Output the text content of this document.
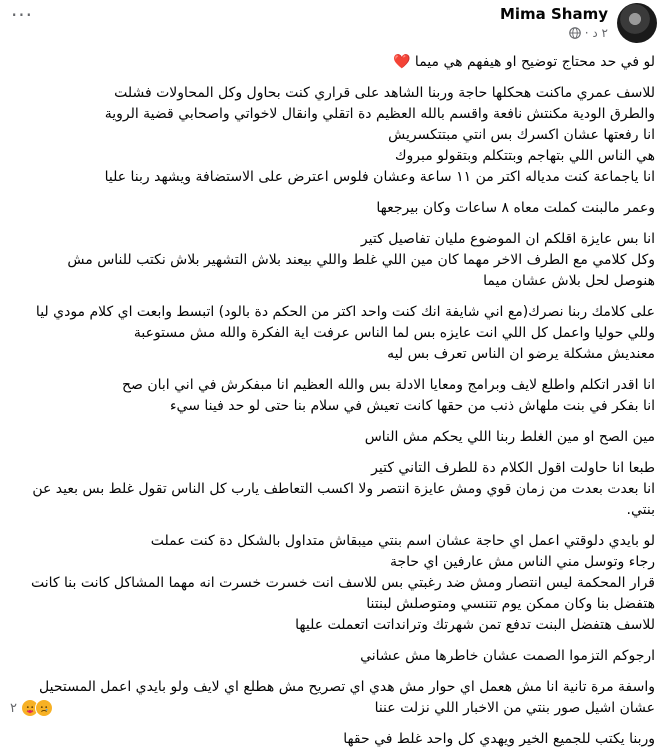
Mima Shamy
٢ د ·
···
لو في حد محتاج توضيح او هيفهم هي ميما ❤️
للاسف عمري ماكنت هحكلها حاجة وربنا الشاهد على قراري كنت بحاول وكل المحاولات فشلت
والطرق الودية مكنتش نافعة واقسم بالله العظيم دة اتقلي وانقال لاخواتي واصحابي قضية الروية
انا رفعتها عشان اكسرك بس انتي مبتتكسريش
هي الناس اللي بتهاجم وبتتكلم وبتقولو مبروك
انا ياجماعة كنت مدياله اكتر من ١١ ساعة وعشان فلوس اعترض على الاستضافة ويشهد ربنا عليا
وعمر مالبنت كملت معاه ٨ ساعات وكان بيرجعها
انا بس عايزة اقلكم ان الموضوع مليان تفاصيل كتير
وكل كلامي مع الطرف الاخر مهما كان مين اللي غلط واللي بيعند بلاش التشهير بلاش نكتب للناس مش
هنوصل لحل بلاش عشان ميما
على كلامك ربنا نصرك(مع اني شايفة انك كنت واحد اكتر من الحكم دة بالود) اتبسط وابعت اي كلام مودي ليا
وللي حوليا واعمل كل اللي انت عايزه بس لما الناس عرفت اية الفكرة والله مش مستوعبة
معنديش مشكلة يرضو ان الناس تعرف بس ليه
انا اقدر اتكلم واطلع لايف وبرامج ومعايا الادلة بس والله العظيم انا مبفكرش في اني ابان صح
انا بفكر في بنت ملهاش ذنب من حقها كانت تعيش في سلام بنا حتى لو حد فينا سيء
مين الصح او مين الغلط ربنا اللي يحكم مش الناس
طبعا انا حاولت اقول الكلام دة للطرف التاني كتير
انا بعدت بعدت من زمان قوي ومش عايزة انتصر ولا اكسب التعاطف يارب كل الناس تقول غلط بس بعيد عن
بنتي.
لو بايدي دلوقتي اعمل اي حاجة عشان اسم بنتي ميبقاش متداول بالشكل دة كنت عملت
رجاء وتوسل مني الناس مش عارفين اي حاجة
قرار المحكمة ليس انتصار ومش ضد رغبتي بس للاسف انت خسرت خسرت انه مهما المشاكل كانت بنا كانت
هتفضل بنا وكان ممكن يوم تتنسي ومتوصلش لبنتنا
للاسف هتفضل البنت تدفع تمن شهرتك وترانداتت اتعملت عليها
ارجوكم التزموا الصمت عشان خاطرها مش عشاني
واسفة مرة تانية انا مش هعمل اي حوار مش هدي اي تصريح مش هطلع اي لايف ولو بايدي اعمل المستحيل
عشان اشيل صور بنتي من الاخبار اللي نزلت عننا
وربنا يكتب للجميع الخير ويهدي كل واحد غلط في حقها
٢
